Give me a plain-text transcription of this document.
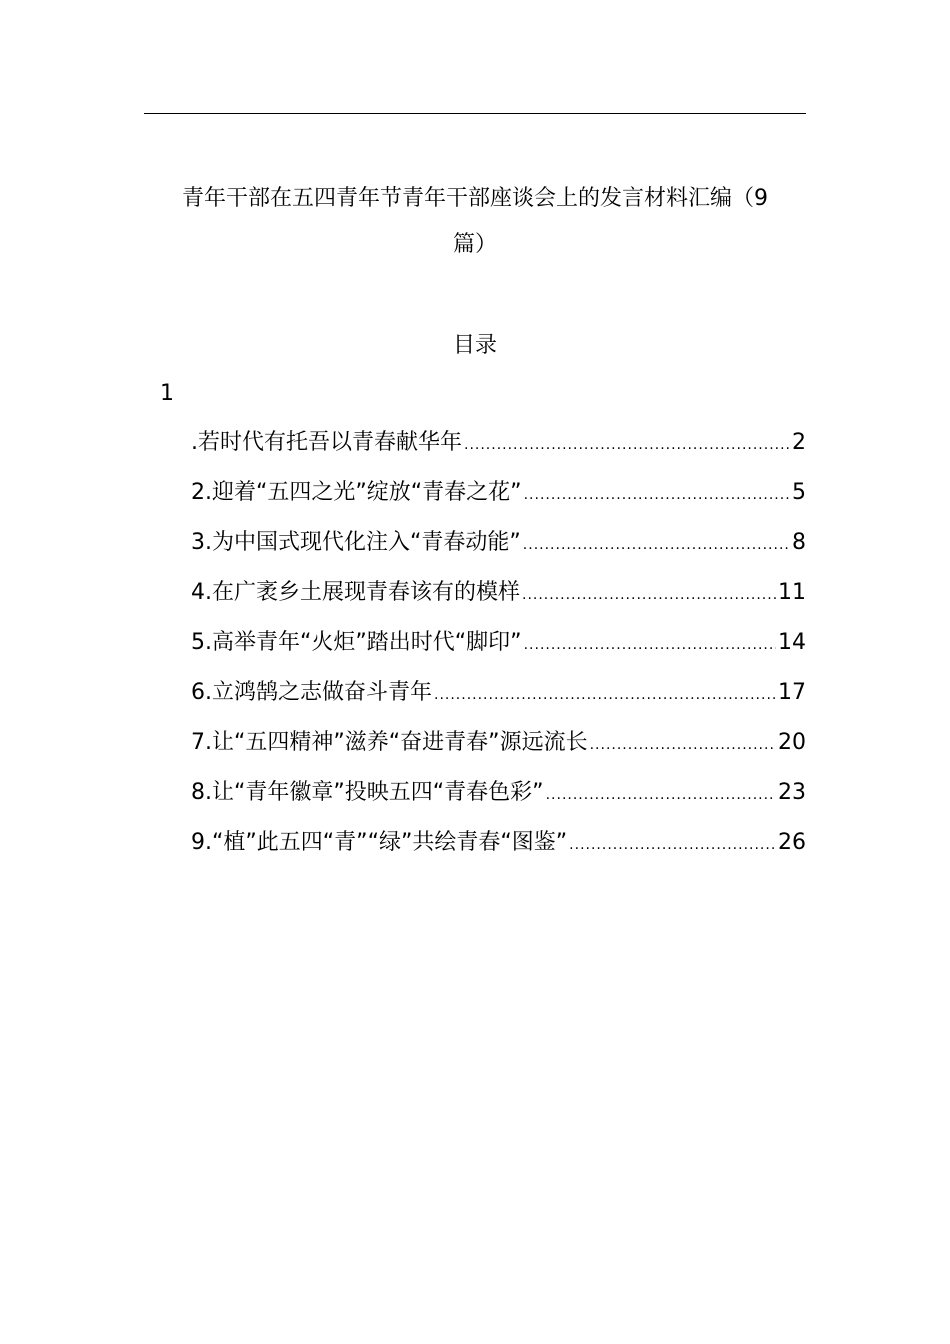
青年干部在五四青年节青年干部座谈会上的发言材料汇编（9
篇）
目录
1
.若时代有托吾以青春献华年 .....	2
2.迎着“五四之光”绽放“青春之花” .....	5
3.为中国式现代化注入“青春动能” .....	8
4.在广袤乡土展现青春该有的模样 .....	11
5.高举青年“火炬”踏出时代“脚印” .....	14
6.立鸿鹄之志做奋斗青年 .....	17
7.让“五四精神”滋养“奋进青春”源远流长 .....	20
8.让“青年徽章”投映五四“青春色彩” .....	23
9.“植”此五四“青”“绿”共绘青春“图鉴” .....	26
